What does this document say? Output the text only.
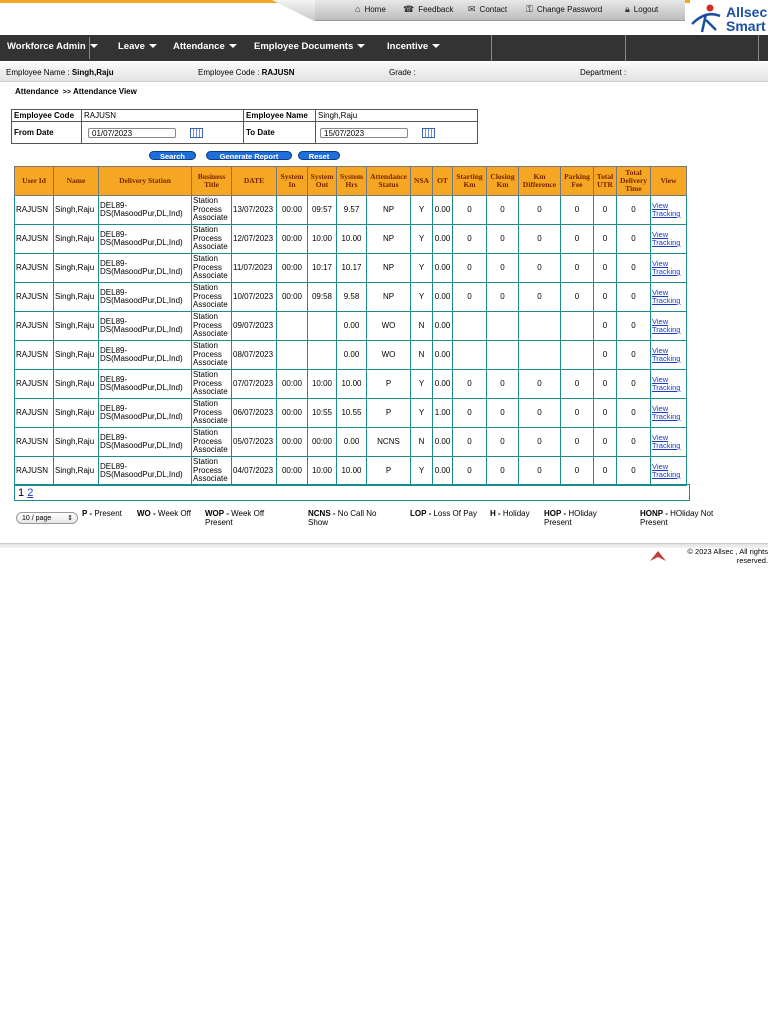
⌂ Home ☎ Feedback ✉ Contact ⚿ Change Password	🔒︎ Logout	Allsec
Smart
Workforce Admin	Leave	Attendance	Employee Documents	Incentive
Employee Name : Singh,Raju	Employee Code : RAJUSN	Grade :	Department :
Attendance >> Attendance View
Employee Code	RAJUSN	Employee Name	Singh,Raju
From Date	01/07/2023	To Date	15/07/2023
Search	Generate Report	Reset
User Id	Name	Delivery Station	Business Title	DATE	System In	System Out	System Hrs	Attendance Status	NSA	OT	Starting Km	Closing Km	Km Difference	Parking Fee	Total UTR	Total Delivery Time	View
RAJUSN	Singh,Raju	DEL89-DS(MasoodPur,DL,Ind)	Station Process Associate	13/07/2023	00:00	09:57	9.57	NP	Y	0.00	0	0	0	0	0	0	View Tracking
RAJUSN	Singh,Raju	DEL89-DS(MasoodPur,DL,Ind)	Station Process Associate	12/07/2023	00:00	10:00	10.00	NP	Y	0.00	0	0	0	0	0	0	View Tracking
RAJUSN	Singh,Raju	DEL89-DS(MasoodPur,DL,Ind)	Station Process Associate	11/07/2023	00:00	10:17	10.17	NP	Y	0.00	0	0	0	0	0	0	View Tracking
RAJUSN	Singh,Raju	DEL89-DS(MasoodPur,DL,Ind)	Station Process Associate	10/07/2023	00:00	09:58	9.58	NP	Y	0.00	0	0	0	0	0	0	View Tracking
RAJUSN	Singh,Raju	DEL89-DS(MasoodPur,DL,Ind)	Station Process Associate	09/07/2023			0.00	WO	N	0.00					0	0	View Tracking
RAJUSN	Singh,Raju	DEL89-DS(MasoodPur,DL,Ind)	Station Process Associate	08/07/2023			0.00	WO	N	0.00					0	0	View Tracking
RAJUSN	Singh,Raju	DEL89-DS(MasoodPur,DL,Ind)	Station Process Associate	07/07/2023	00:00	10:00	10.00	P	Y	0.00	0	0	0	0	0	0	View Tracking
RAJUSN	Singh,Raju	DEL89-DS(MasoodPur,DL,Ind)	Station Process Associate	06/07/2023	00:00	10:55	10.55	P	Y	1.00	0	0	0	0	0	0	View Tracking
RAJUSN	Singh,Raju	DEL89-DS(MasoodPur,DL,Ind)	Station Process Associate	05/07/2023	00:00	00:00	0.00	NCNS	N	0.00	0	0	0	0	0	0	View Tracking
RAJUSN	Singh,Raju	DEL89-DS(MasoodPur,DL,Ind)	Station Process Associate	04/07/2023	00:00	10:00	10.00	P	Y	0.00	0	0	0	0	0	0	View Tracking
1 2
10 / page ⇕
P - Present	WO - Week Off	WOP - Week Off Present
NCNS - No Call No Show
LOP - Loss Of Pay	H - Holiday	HOP - HOliday Present
HONP - HOliday Not Present
© 2023 Allsec , All rights reserved.
